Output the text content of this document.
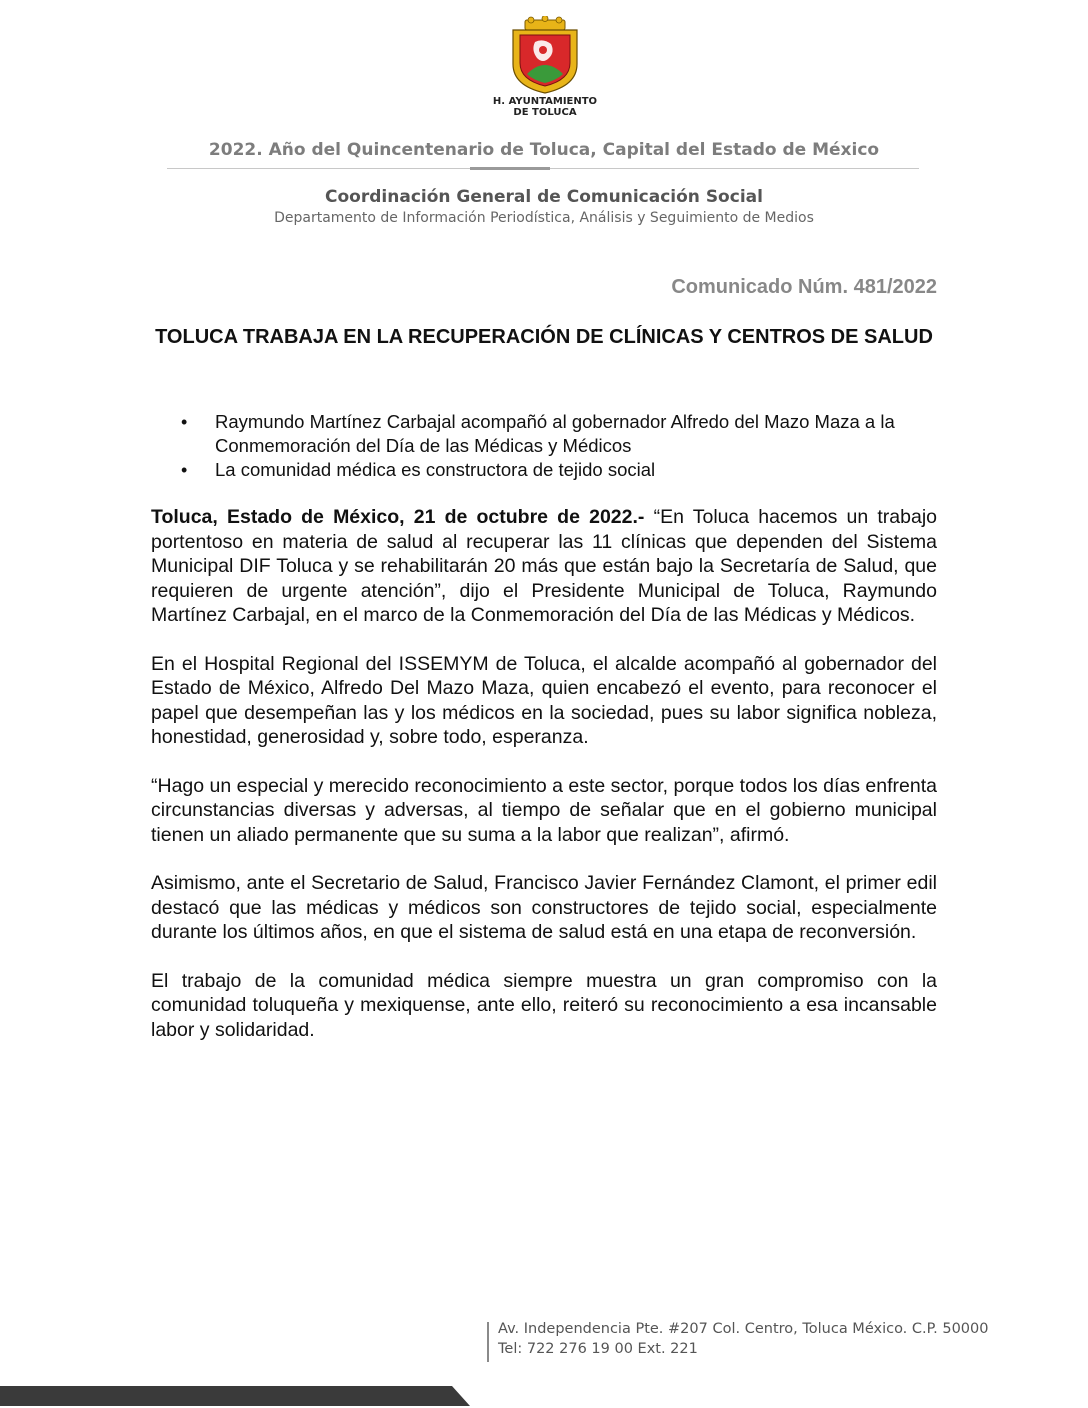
H. AYUNTAMIENTO
DE TOLUCA
2022. Año del Quincentenario de Toluca, Capital del Estado de México
Coordinación General de Comunicación Social
Departamento de Información Periodística, Análisis y Seguimiento de Medios
Comunicado Núm. 481/2022
TOLUCA TRABAJA EN LA RECUPERACIÓN DE CLÍNICAS Y CENTROS DE SALUD
• Raymundo Martínez Carbajal acompañó al gobernador Alfredo del Mazo Maza a la Conmemoración del Día de las Médicas y Médicos
• La comunidad médica es constructora de tejido social

Toluca, Estado de México, 21 de octubre de 2022.- “En Toluca hacemos un trabajo portentoso en materia de salud al recuperar las 11 clínicas que dependen del Sistema Municipal DIF Toluca y se rehabilitarán 20 más que están bajo la Secretaría de Salud, que requieren de urgente atención”, dijo el Presidente Municipal de Toluca, Raymundo Martínez Carbajal, en el marco de la Conmemoración del Día de las Médicas y Médicos.

En el Hospital Regional del ISSEMYM de Toluca, el alcalde acompañó al gobernador del Estado de México, Alfredo Del Mazo Maza, quien encabezó el evento, para reconocer el papel que desempeñan las y los médicos en la sociedad, pues su labor significa nobleza, honestidad, generosidad y, sobre todo, esperanza.

“Hago un especial y merecido reconocimiento a este sector, porque todos los días enfrenta circunstancias diversas y adversas, al tiempo de señalar que en el gobierno municipal tienen un aliado permanente que su suma a la labor que realizan”, afirmó.

Asimismo, ante el Secretario de Salud, Francisco Javier Fernández Clamont, el primer edil destacó que las médicas y médicos son constructores de tejido social, especialmente durante los últimos años, en que el sistema de salud está en una etapa de reconversión.

El trabajo de la comunidad médica siempre muestra un gran compromiso con la comunidad toluqueña y mexiquense, ante ello, reiteró su reconocimiento a esa incansable labor y solidaridad.

Av. Independencia Pte. #207 Col. Centro, Toluca México. C.P. 50000
Tel: 722 276 19 00 Ext. 221
